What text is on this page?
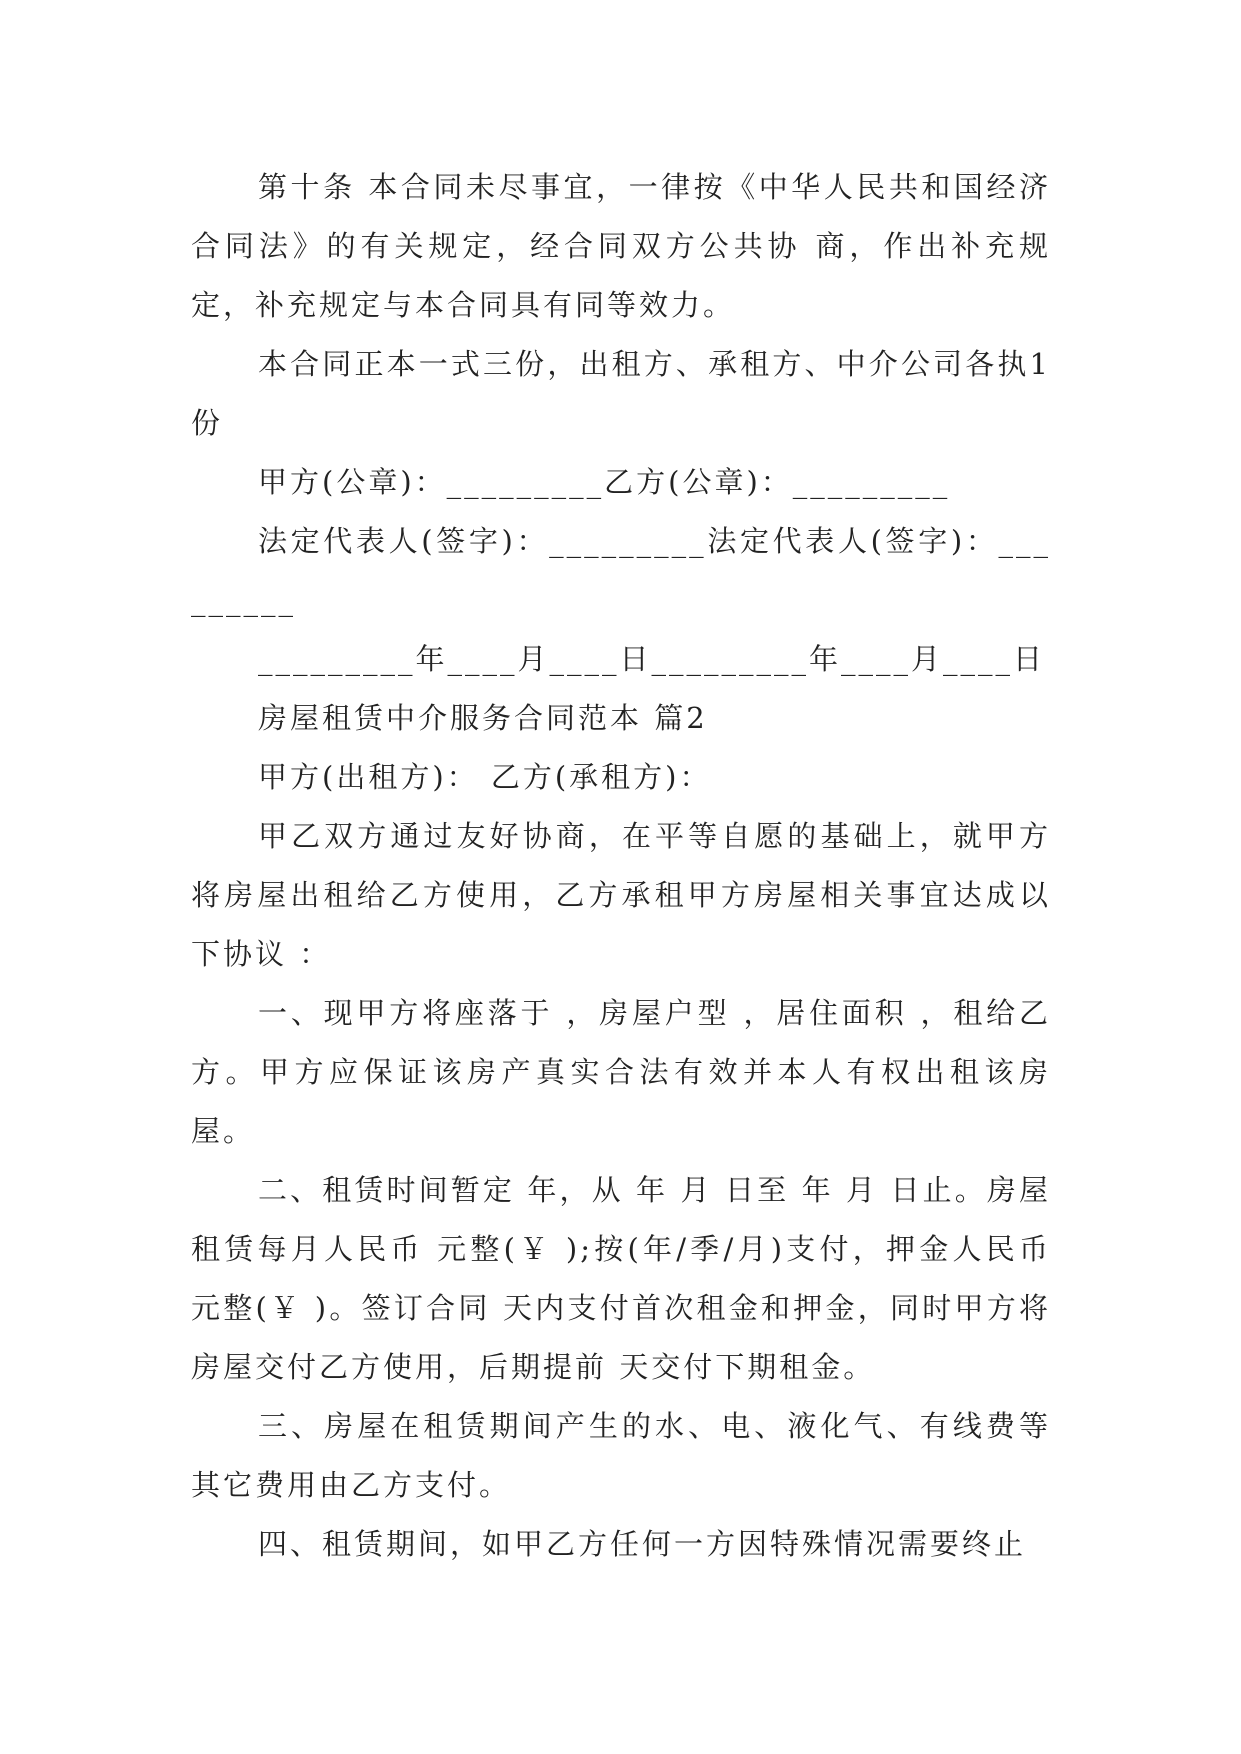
第十条 本合同未尽事宜，一律按《中华人民共和国经济合同法》的有关规定，经合同双方公共协 商，作出补充规定，补充规定与本合同具有同等效力。

本合同正本一式三份，出租方、承租方、中介公司各执1份

甲方(公章)：_________乙方(公章)：_________

法定代表人(签字)：_________法定代表人(签字)：_________

_________年____月____日_________年____月____日

房屋租赁中介服务合同范本 篇2

甲方(出租方)： 乙方(承租方)：

甲乙双方通过友好协商，在平等自愿的基础上，就甲方将房屋出租给乙方使用，乙方承租甲方房屋相关事宜达成以下协议 ：

一、现甲方将座落于 ，房屋户型 ，居住面积 ，租给乙方。甲方应保证该房产真实合法有效并本人有权出租该房屋。

二、租赁时间暂定 年，从 年 月 日至 年 月 日止。房屋租赁每月人民币 元整(￥ );按(年/季/月)支付，押金人民币 元整(￥ )。签订合同 天内支付首次租金和押金，同时甲方将房屋交付乙方使用，后期提前 天交付下期租金。

三、房屋在租赁期间产生的水、电、液化气、有线费等其它费用由乙方支付。

四、租赁期间，如甲乙方任何一方因特殊情况需要终止
